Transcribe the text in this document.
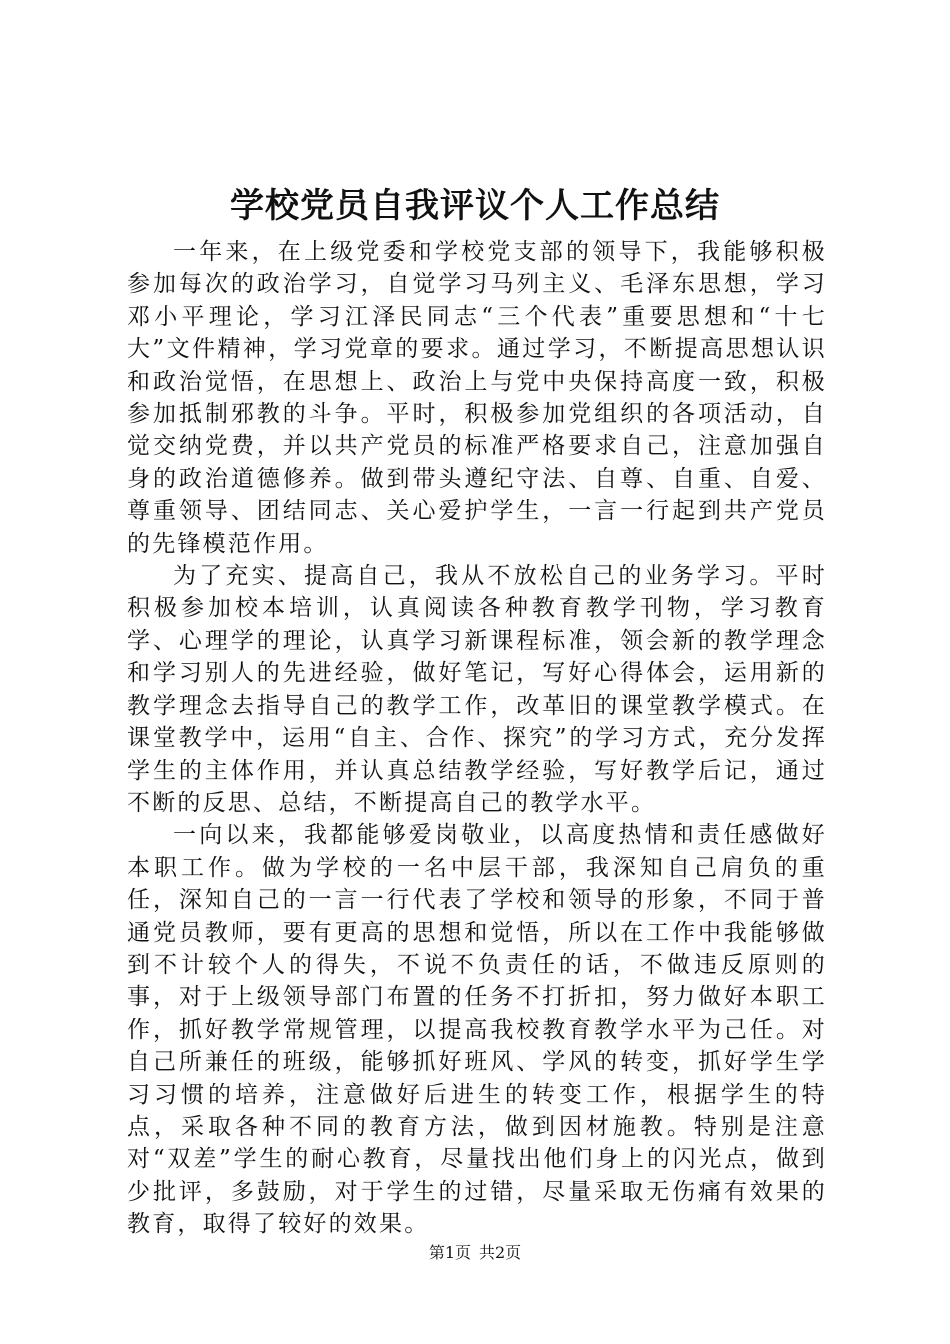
学校党员自我评议个人工作总结

一年来，在上级党委和学校党支部的领导下，我能够积极参加每次的政治学习，自觉学习马列主义、毛泽东思想，学习邓小平理论，学习江泽民同志“三个代表”重要思想和“十七大”文件精神，学习党章的要求。通过学习，不断提高思想认识和政治觉悟，在思想上、政治上与党中央保持高度一致，积极参加抵制邪教的斗争。平时，积极参加党组织的各项活动，自觉交纳党费，并以共产党员的标准严格要求自己，注意加强自身的政治道德修养。做到带头遵纪守法、自尊、自重、自爱、尊重领导、团结同志、关心爱护学生，一言一行起到共产党员的先锋模范作用。

为了充实、提高自己，我从不放松自己的业务学习。平时积极参加校本培训，认真阅读各种教育教学刊物，学习教育学、心理学的理论，认真学习新课程标准，领会新的教学理念和学习别人的先进经验，做好笔记，写好心得体会，运用新的教学理念去指导自己的教学工作，改革旧的课堂教学模式。在课堂教学中，运用“自主、合作、探究”的学习方式，充分发挥学生的主体作用，并认真总结教学经验，写好教学后记，通过不断的反思、总结，不断提高自己的教学水平。

一向以来，我都能够爱岗敬业，以高度热情和责任感做好本职工作。做为学校的一名中层干部，我深知自己肩负的重任，深知自己的一言一行代表了学校和领导的形象，不同于普通党员教师，要有更高的思想和觉悟，所以在工作中我能够做到不计较个人的得失，不说不负责任的话，不做违反原则的事，对于上级领导部门布置的任务不打折扣，努力做好本职工作，抓好教学常规管理，以提高我校教育教学水平为己任。对自己所兼任的班级，能够抓好班风、学风的转变，抓好学生学习习惯的培养，注意做好后进生的转变工作，根据学生的特点，采取各种不同的教育方法，做到因材施教。特别是注意对“双差”学生的耐心教育，尽量找出他们身上的闪光点，做到少批评，多鼓励，对于学生的过错，尽量采取无伤痛有效果的教育，取得了较好的效果。

第1页 共2页
